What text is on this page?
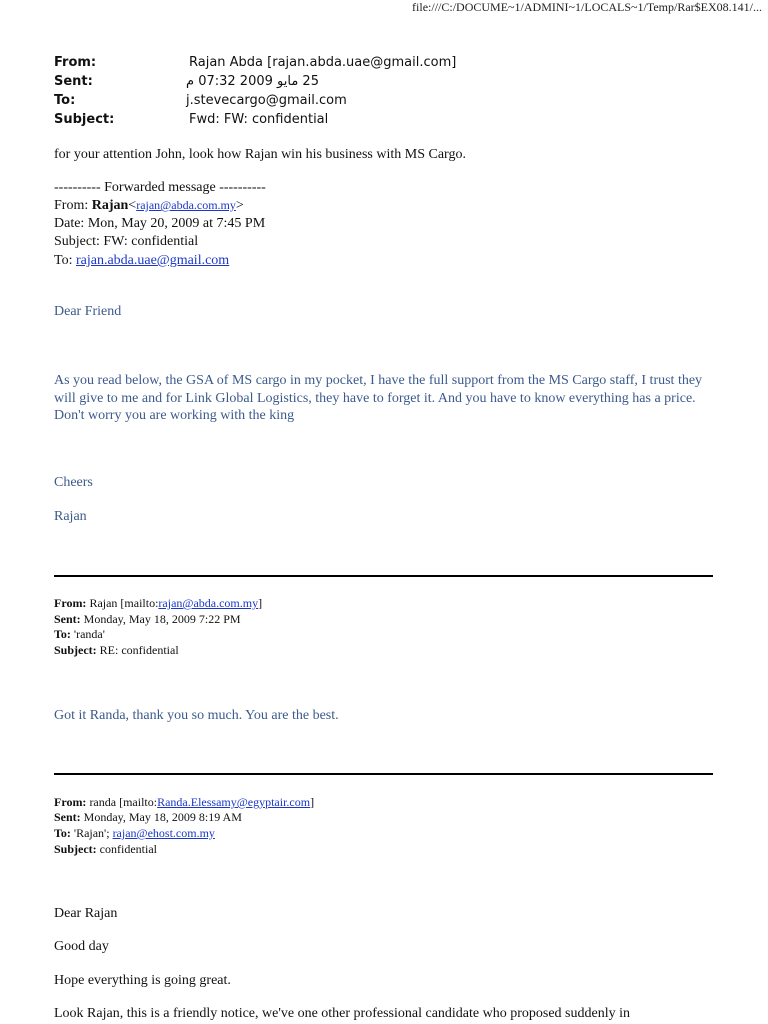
file:///C:/DOCUME~1/ADMINI~1/LOCALS~1/Temp/Rar$EX08.141/...
From:	Rajan Abda [rajan.abda.uae@gmail.com]
Sent:	25 مايو 2009 07:32 م
To:	j.stevecargo@gmail.com
Subject:	Fwd: FW: confidential
for your attention John, look how Rajan win his business with MS Cargo.
---------- Forwarded message ----------
From: Rajan<rajan@abda.com.my>
Date: Mon, May 20, 2009 at 7:45 PM
Subject: FW: confidential
To: rajan.abda.uae@gmail.com
Dear Friend
As you read below, the GSA of MS cargo in my pocket, I have the full support from the MS Cargo staff, I trust they will give to me and for Link Global Logistics, they have to forget it. And you have to know everything has a price. Don't worry you are working with the king
Cheers
Rajan
From: Rajan [mailto:rajan@abda.com.my]
Sent: Monday, May 18, 2009 7:22 PM
To: 'randa'
Subject: RE: confidential
Got it Randa, thank you so much. You are the best.
From: randa [mailto:Randa.Elessamy@egyptair.com]
Sent: Monday, May 18, 2009 8:19 AM
To: 'Rajan'; rajan@ehost.com.my
Subject: confidential
Dear Rajan
Good day
Hope everything is going great.
Look Rajan, this is a friendly notice, we've one other professional candidate who proposed suddenly in
